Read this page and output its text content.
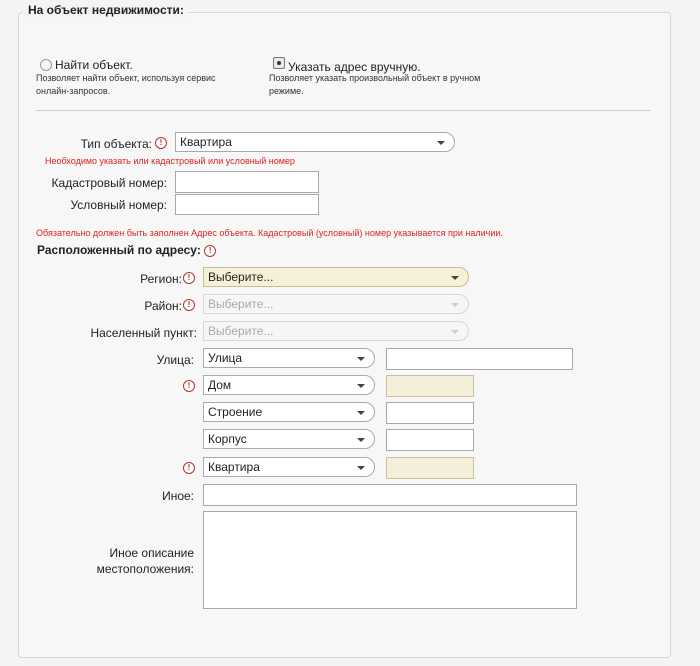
На объект недвижимости:
Найти объект.
Позволяет найти объект, используя сервис
онлайн-запросов.
Указать адрес вручную.
Позволяет указать произвольный объект в ручном
режиме.
Тип объекта: !	Квартира
Необходимо указать или кадастровый или условный номер
Кадастровый номер:
Условный номер:
Обязательно должен быть заполнен Адрес объекта. Кадастровый (условный) номер указывается при наличии.
Расположенный по адресу: !
Регион: !	Выберите...
Район: !	Выберите...
Населенный пункт: Выберите...
Улица:	Улица
!	Дом
Строение
Корпус
!	Квартира
Иное:
Иное описание
местоположения:
